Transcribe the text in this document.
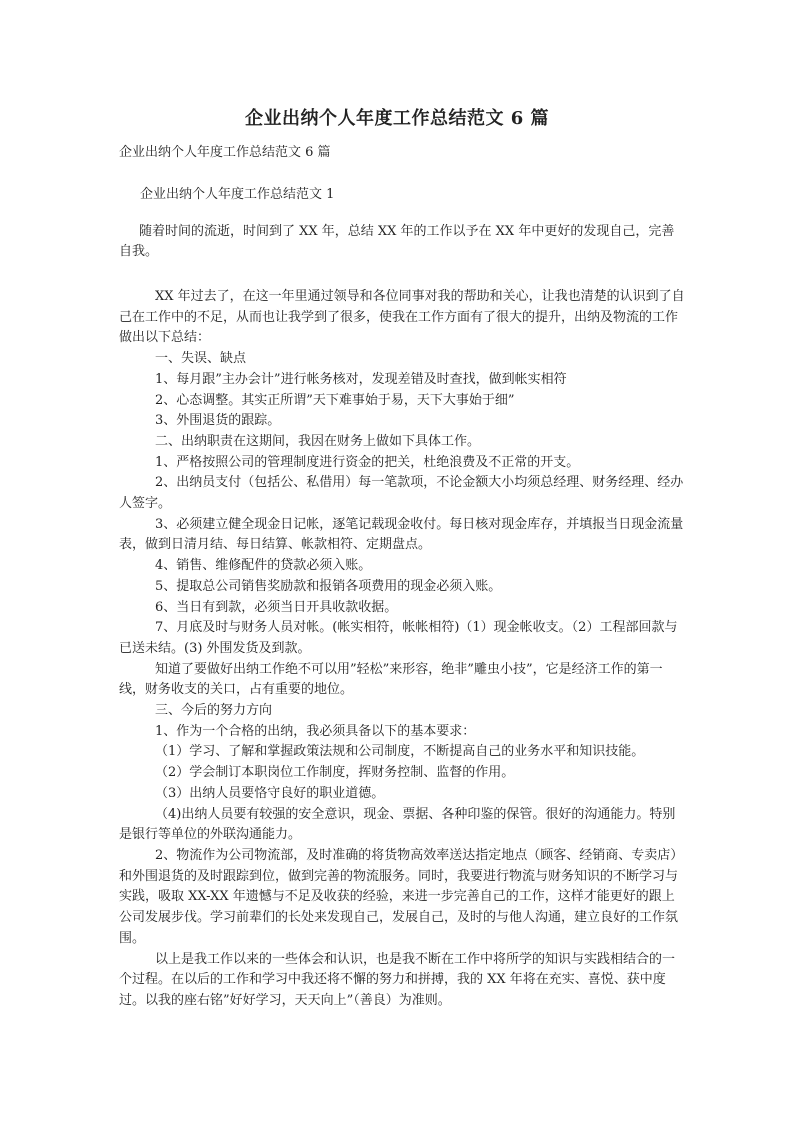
企业出纳个人年度工作总结范文 6 篇
企业出纳个人年度工作总结范文 6 篇
企业出纳个人年度工作总结范文 1
随着时间的流逝，时间到了 XX 年，总结 XX 年的工作以予在 XX 年中更好的发现自己，完善自我。

XX 年过去了，在这一年里通过领导和各位同事对我的帮助和关心，让我也清楚的认识到了自己在工作中的不足，从而也让我学到了很多，使我在工作方面有了很大的提升，出纳及物流的工作做出以下总结：

一、失误、缺点

1、每月跟”主办会计”进行帐务核对，发现差错及时查找，做到帐实相符

2、心态调整。其实正所谓”天下难事始于易，天下大事始于细”

3、外围退货的跟踪。

二、出纳职责在这期间，我因在财务上做如下具体工作。

1、严格按照公司的管理制度进行资金的把关，杜绝浪费及不正常的开支。

2、出纳员支付（包括公、私借用）每一笔款项，不论金额大小均须总经理、财务经理、经办人签字。

3、必须建立健全现金日记帐，逐笔记载现金收付。每日核对现金库存，并填报当日现金流量表，做到日清月结、每日结算、帐款相符、定期盘点。

4、销售、维修配件的贷款必须入账。

5、提取总公司销售奖励款和报销各项费用的现金必须入账。

6、当日有到款，必须当日开具收款收据。

7、月底及时与财务人员对帐。(帐实相符，帐帐相符)（1）现金帐收支。（2）工程部回款与已送未结。(3) 外围发货及到款。

知道了要做好出纳工作绝不可以用”轻松”来形容，绝非”雕虫小技”，它是经济工作的第一线，财务收支的关口，占有重要的地位。

三、今后的努力方向

1、作为一个合格的出纳，我必须具备以下的基本要求：

（1）学习、了解和掌握政策法规和公司制度，不断提高自己的业务水平和知识技能。

（2）学会制订本职岗位工作制度，挥财务控制、监督的作用。

（3）出纳人员要恪守良好的职业道德。

（4)出纳人员要有较强的安全意识，现金、票据、各种印鉴的保管。很好的沟通能力。特别是银行等单位的外联沟通能力。

2、物流作为公司物流部，及时准确的将货物高效率送达指定地点（顾客、经销商、专卖店）和外围退货的及时跟踪到位，做到完善的物流服务。同时，我要进行物流与财务知识的不断学习与实践，吸取 XX-XX 年遗憾与不足及收获的经验，来进一步完善自己的工作，这样才能更好的跟上公司发展步伐。学习前辈们的长处来发现自己，发展自己，及时的与他人沟通，建立良好的工作氛围。

以上是我工作以来的一些体会和认识，也是我不断在工作中将所学的知识与实践相结合的一个过程。在以后的工作和学习中我还将不懈的努力和拼搏，我的 XX 年将在充实、喜悦、获中度过。以我的座右铭”好好学习，天天向上”（善良）为准则。
